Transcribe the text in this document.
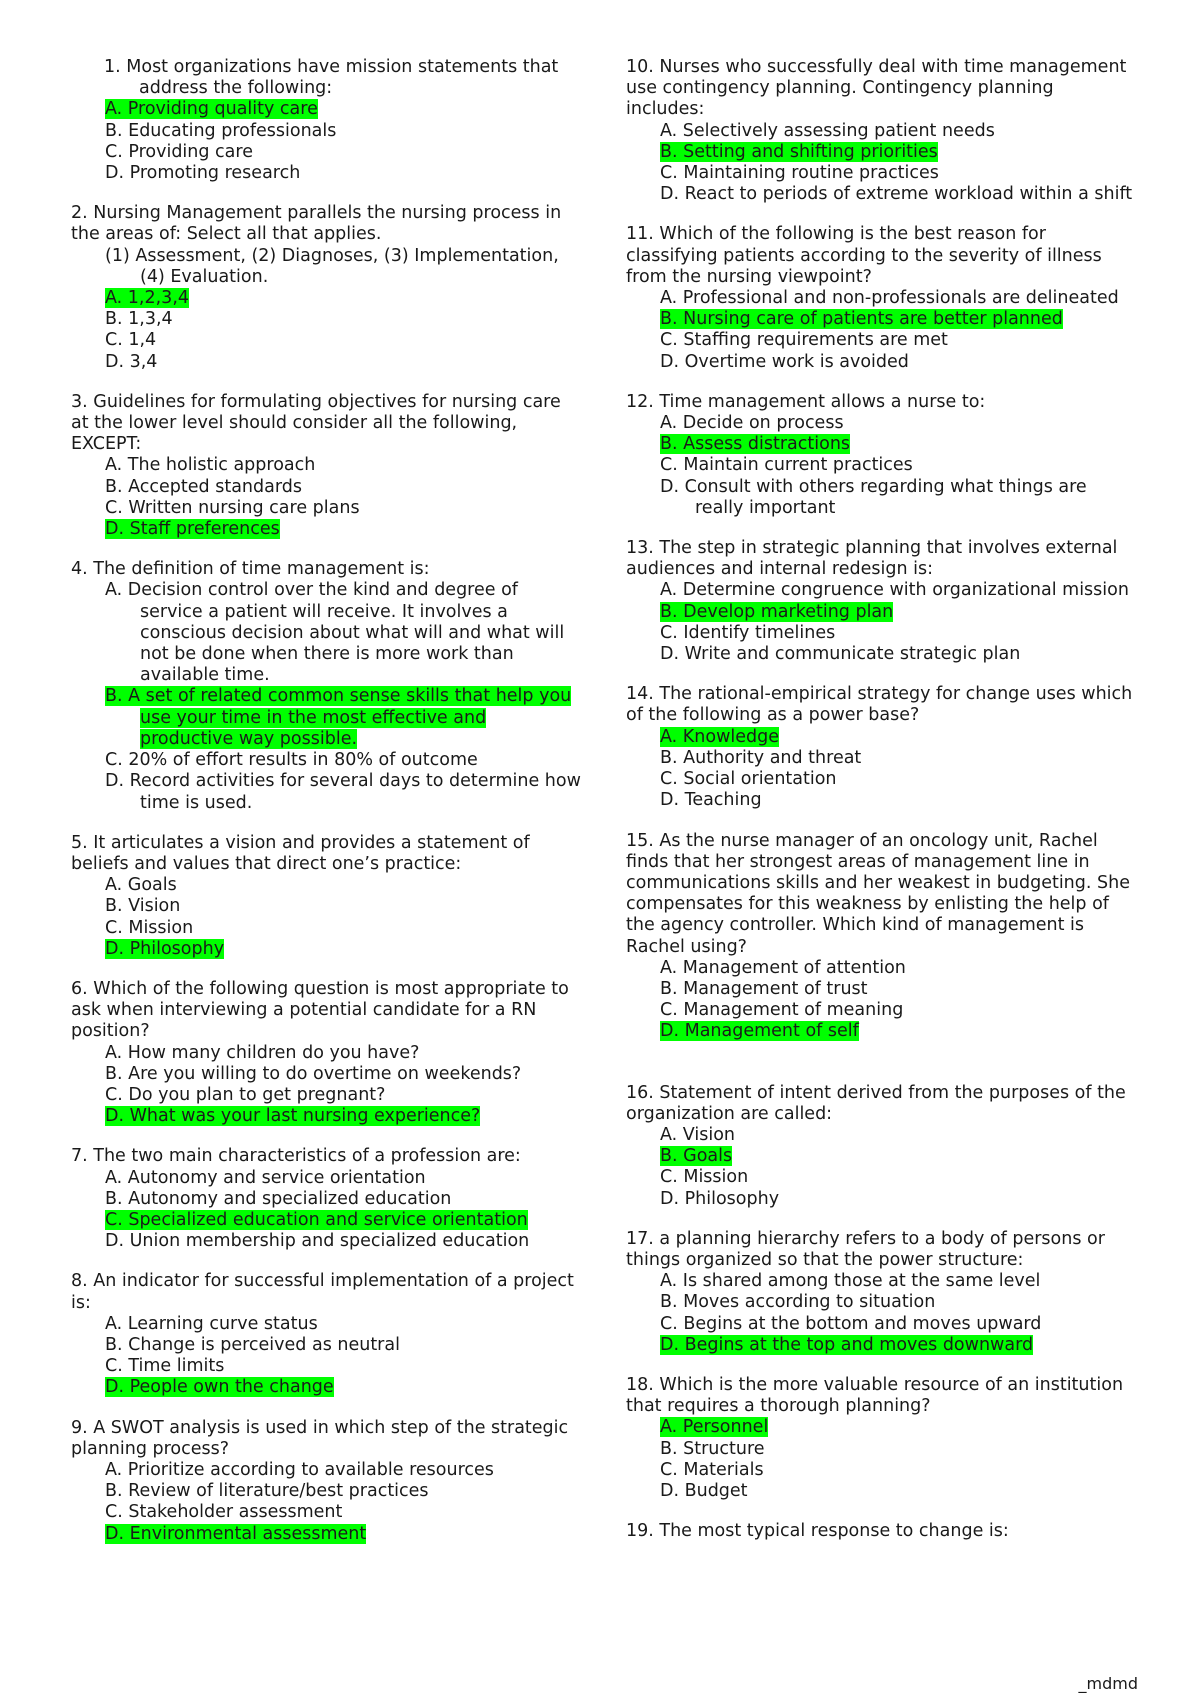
1. Most organizations have mission statements that address the following:

A. Providing quality care
B. Educating professionals
C. Providing care
D. Promoting research

2. Nursing Management parallels the nursing process in the areas of: Select all that applies.

(1) Assessment, (2) Diagnoses, (3) Implementation, (4) Evaluation.

A. 1,2,3,4
B. 1,3,4
C. 1,4
D. 3,4

3. Guidelines for formulating objectives for nursing care at the lower level should consider all the following, EXCEPT:

A. The holistic approach
B. Accepted standards
C. Written nursing care plans
D. Staff preferences

4. The definition of time management is:

A. Decision control over the kind and degree of service a patient will receive. It involves a conscious decision about what will and what will not be done when there is more work than available time.
B. A set of related common sense skills that help you use your time in the most effective and productive way possible.
C. 20% of effort results in 80% of outcome
D. Record activities for several days to determine how time is used.

5. It articulates a vision and provides a statement of beliefs and values that direct one’s practice:

A. Goals
B. Vision
C. Mission
D. Philosophy

6. Which of the following question is most appropriate to ask when interviewing a potential candidate for a RN position?

A. How many children do you have?
B. Are you willing to do overtime on weekends?
C. Do you plan to get pregnant?
D. What was your last nursing experience?

7. The two main characteristics of a profession are:

A. Autonomy and service orientation
B. Autonomy and specialized education
C. Specialized education and service orientation
D. Union membership and specialized education

8. An indicator for successful implementation of a project is:

A. Learning curve status
B. Change is perceived as neutral
C. Time limits
D. People own the change

9. A SWOT analysis is used in which step of the strategic planning process?

A. Prioritize according to available resources
B. Review of literature/best practices
C. Stakeholder assessment
D. Environmental assessment

10. Nurses who successfully deal with time management use contingency planning. Contingency planning includes:

A. Selectively assessing patient needs
B. Setting and shifting priorities
C. Maintaining routine practices
D. React to periods of extreme workload within a shift

11. Which of the following is the best reason for classifying patients according to the severity of illness from the nursing viewpoint?

A. Professional and non-professionals are delineated
B. Nursing care of patients are better planned
C. Staffing requirements are met
D. Overtime work is avoided

12. Time management allows a nurse to:

A. Decide on process
B. Assess distractions
C. Maintain current practices
D. Consult with others regarding what things are really important

13. The step in strategic planning that involves external audiences and internal redesign is:

A. Determine congruence with organizational mission
B. Develop marketing plan
C. Identify timelines
D. Write and communicate strategic plan

14. The rational-empirical strategy for change uses which of the following as a power base?

A. Knowledge
B. Authority and threat
C. Social orientation
D. Teaching

15. As the nurse manager of an oncology unit, Rachel finds that her strongest areas of management line in communications skills and her weakest in budgeting. She compensates for this weakness by enlisting the help of the agency controller. Which kind of management is Rachel using?

A. Management of attention
B. Management of trust
C. Management of meaning
D. Management of self

16. Statement of intent derived from the purposes of the organization are called:

A. Vision
B. Goals
C. Mission
D. Philosophy

17. a planning hierarchy refers to a body of persons or things organized so that the power structure:

A. Is shared among those at the same level
B. Moves according to situation
C. Begins at the bottom and moves upward
D. Begins at the top and moves downward

18. Which is the more valuable resource of an institution that requires a thorough planning?

A. Personnel
B. Structure
C. Materials
D. Budget

19. The most typical response to change is:

_mdmd
